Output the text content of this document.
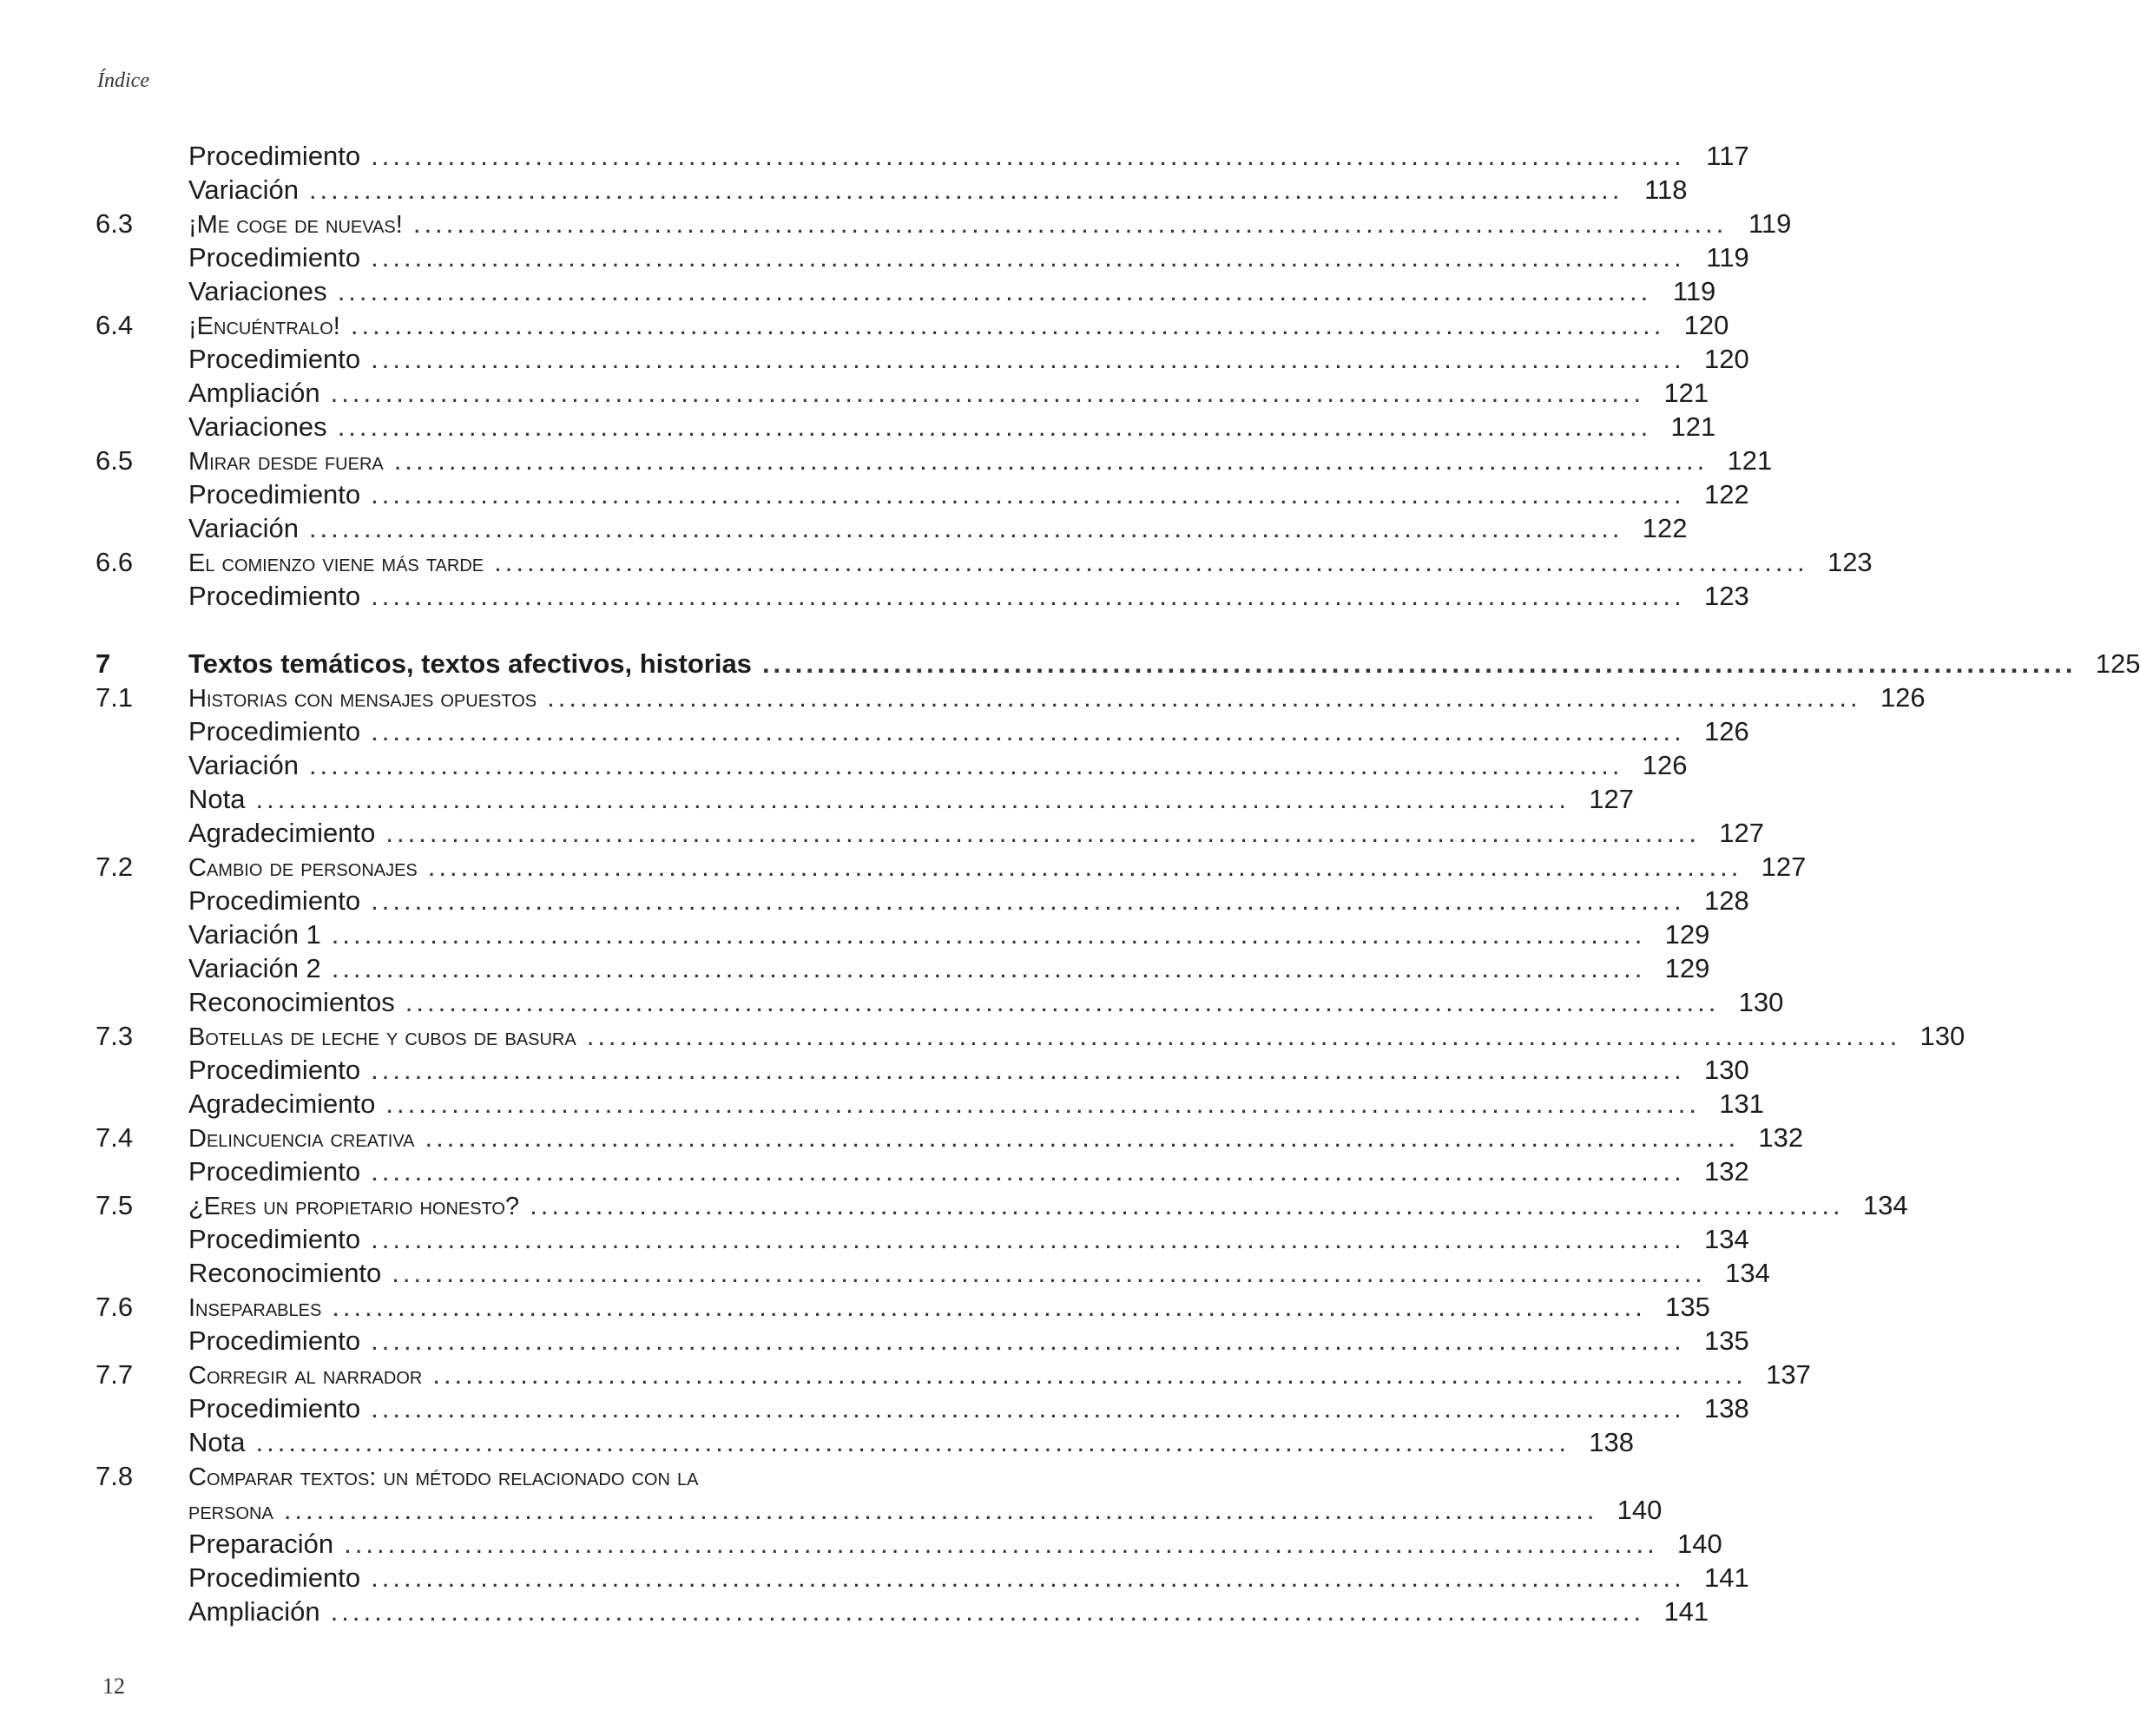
Índice
Procedimiento ........................................................................................................................ 117
Variación ........................................................................................................................ 118
6.3	¡Me coge de nuevas! ........................................................................................................................ 119
Procedimiento ........................................................................................................................ 119
Variaciones ........................................................................................................................ 119
6.4	¡Encuéntralo! ........................................................................................................................ 120
Procedimiento ........................................................................................................................ 120
Ampliación ........................................................................................................................ 121
Variaciones ........................................................................................................................ 121
6.5	Mirar desde fuera ........................................................................................................................ 121
Procedimiento ........................................................................................................................ 122
Variación ........................................................................................................................ 122
6.6	El comienzo viene más tarde ........................................................................................................................ 123
Procedimiento ........................................................................................................................ 123
7	Textos temáticos, textos afectivos, historias ........................................................................................................................ 125
7.1	Historias con mensajes opuestos ........................................................................................................................ 126
Procedimiento ........................................................................................................................ 126
Variación ........................................................................................................................ 126
Nota ........................................................................................................................ 127
Agradecimiento ........................................................................................................................ 127
7.2	Cambio de personajes ........................................................................................................................ 127
Procedimiento ........................................................................................................................ 128
Variación 1 ........................................................................................................................ 129
Variación 2 ........................................................................................................................ 129
Reconocimientos ........................................................................................................................ 130
7.3	Botellas de leche y cubos de basura ........................................................................................................................ 130
Procedimiento ........................................................................................................................ 130
Agradecimiento ........................................................................................................................ 131
7.4	Delincuencia creativa ........................................................................................................................ 132
Procedimiento ........................................................................................................................ 132
7.5	¿Eres un propietario honesto? ........................................................................................................................ 134
Procedimiento ........................................................................................................................ 134
Reconocimiento ........................................................................................................................ 134
7.6	Inseparables ........................................................................................................................ 135
Procedimiento ........................................................................................................................ 135
7.7	Corregir al narrador ........................................................................................................................ 137
Procedimiento ........................................................................................................................ 138
Nota ........................................................................................................................ 138
7.8 Comparar textos: un método relacionado con la
persona ........................................................................................................................ 140
Preparación ........................................................................................................................ 140
Procedimiento ........................................................................................................................ 141
Ampliación ........................................................................................................................ 141
12
